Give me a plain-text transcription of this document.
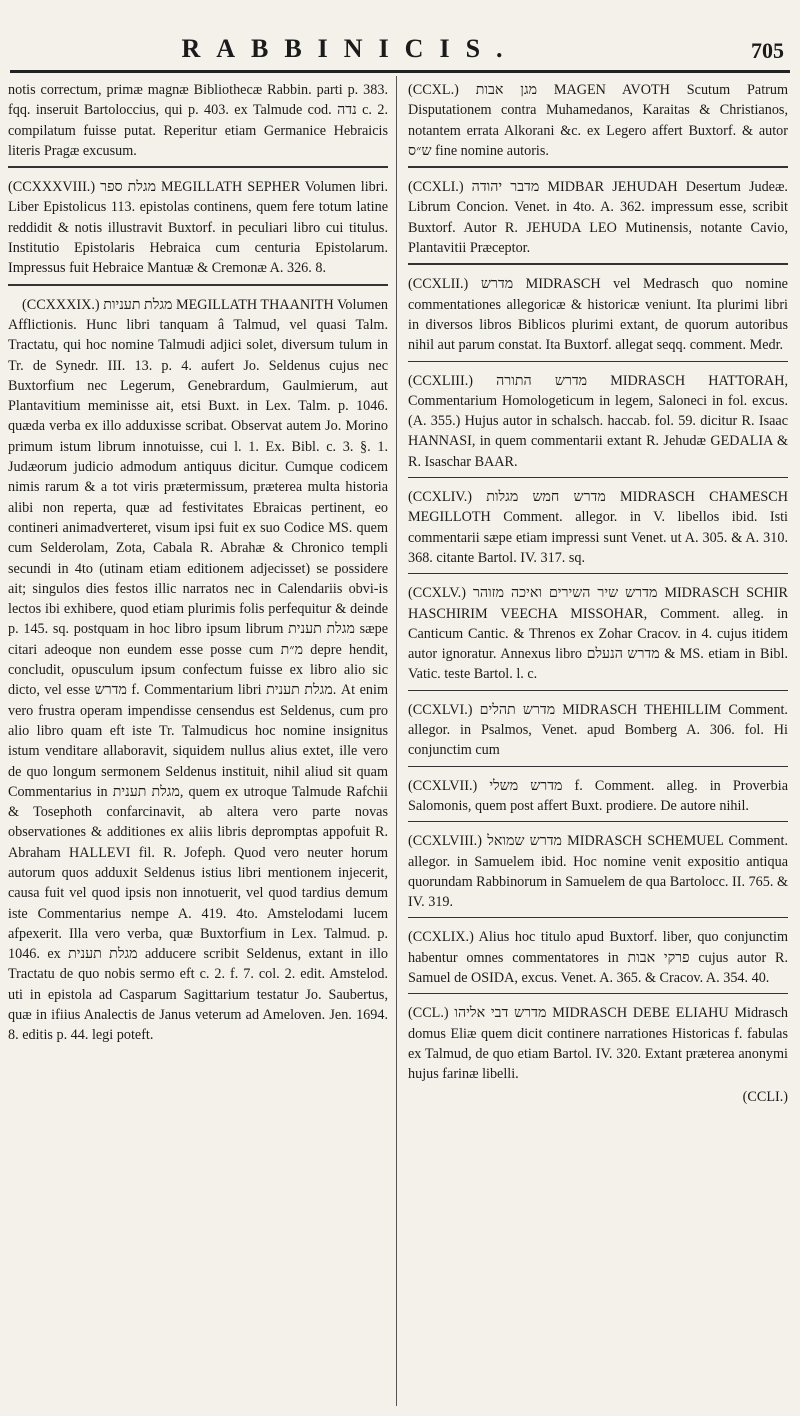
RABBINICIS.	705

notis correctum, primæ magnæ Bibliothecæ Rabbin. parti p. 383. fqq. inseruit Bartoloccius, qui p. 403. ex Talmude cod. נדה c. 2. compilatum fuisse putat. Reperitur etiam Germanice Hebraicis literis Pragæ excusum.

(CCXXXVIII.) מגלת ספר MEGILLATH SEPHER Volumen libri. Liber Epistolicus 113. epistolas continens, quem fere totum latine reddidit & notis illustravit Buxtorf. in peculiari libro cui titulus. Institutio Epistolaris Hebraica cum centuria Epistolarum. Impressus fuit Hebraice Mantuæ & Cremonæ A. 326. 8.

(CCXXXIX.) מגלת תעניות MEGILLATH THAANITH Volumen Afflictionis. Hunc libri tanquam â Talmud, vel quasi Talm. Tractatu, qui hoc nomine Talmudi adjici solet, diversum tulum in Tr. de Synedr. III. 13. p. 4. aufert Jo. Seldenus cujus nec Buxtorfium nec Legerum, Genebrardum, Gaulmierum, aut Plantavitium meminisse ait, etsi Buxt. in Lex. Talm. p. 1046. quæda verba ex illo adduxisse scribat. Observat autem Jo. Morino primum istum librum innotuisse, cui l. 1. Ex. Bibl. c. 3. §. 1. Judæorum judicio admodum antiquus dicitur. Cumque codicem nimis rarum & a tot viris prætermissum, præterea multa historia alibi non reperta, quæ ad festivitates Ebraicas pertinent, eo contineri animadverteret, visum ipsi fuit ex suo Codice MS. quem cum Selderolam, Zota, Cabala R. Abrahæ & Chronico templi secundi in 4to (utinam etiam editionem adjecisset) se possidere ait; singulos dies festos illic narratos nec in Calendariis obvi-is lectos ibi exhibere, quod etiam plurimis folis perfequitur & deinde p. 145. sq. postquam in hoc libro ipsum librum מגלת תענית sæpe citari adeoque non eundem esse posse cum מ״ת depre hendit, concludit, opusculum ipsum confectum fuisse ex libro alio sic dicto, vel esse מדרש f. Commentarium libri מגלת תענית. At enim vero frustra operam impendisse censendus est Seldenus, cum pro alio libro quam eft iste Tr. Talmudicus hoc nomine insignitus istum venditare allaboravit, siquidem nullus alius extet, ille vero de quo longum sermonem Seldenus instituit, nihil aliud sit quam Commentarius in מגלת תענית, quem ex utroque Talmude Rafchii & Tosephoth confarcinavit, ab altera vero parte novas observationes & additiones ex aliis libris depromptas appofuit R. Abraham HALLEVI fil. R. Jofeph. Quod vero neuter horum autorum quos adduxit Seldenus istius libri mentionem injecerit, causa fuit vel quod ipsis non innotuerit, vel quod tardius demum iste Commentarius nempe A. 419. 4to. Amstelodami lucem afpexerit. Illa vero verba, quæ Buxtorfium in Lex. Talmud. p. 1046. ex מגלת תענית adducere scribit Seldenus, extant in illo Tractatu de quo nobis sermo eft c. 2. f. 7. col. 2. edit. Amstelod. uti in epistola ad Casparum Sagittarium testatur Jo. Saubertus, quæ in ifiius Analectis de Janus veterum ad Ameloven. Jen. 1694. 8. editis p. 44. legi poteft.

(CCXL.) מגן אבות MAGEN AVOTH Scutum Patrum Disputationem contra Muhamedanos, Karaitas & Christianos, notantem errata Alkorani &c. ex Legero affert Buxtorf. & autor ש״ס fine nomine autoris.

(CCXLI.) מדבר יהודה MIDBAR JEHUDAH Desertum Judeæ. Librum Concion. Venet. in 4to. A. 362. impressum esse, scribit Buxtorf. Autor R. JEHUDA LEO Mutinensis, notante Cavio, Plantavitii Præceptor.

(CCXLII.) מדרש MIDRASCH vel Medrasch quo nomine commentationes allegoricæ & historicæ veniunt. Ita plurimi libri in diversos libros Biblicos plurimi extant, de quorum autoribus nihil aut parum constat. Ita Buxtorf. allegat seqq. comment. Medr.

(CCXLIII.) מדרש התורה MIDRASCH HATTORAH, Commentarium Homologeticum in legem, Saloneci in fol. excus. (A. 355.) Hujus autor in schalsch. haccab. fol. 59. dicitur R. Isaac HANNASI, in quem commentarii extant R. Jehudæ GEDALIA & R. Isaschar BAAR.

(CCXLIV.) מדרש חמש מגלות MIDRASCH CHAMESCH MEGILLOTH Comment. allegor. in V. libellos ibid. Isti commentarii sæpe etiam impressi sunt Venet. ut A. 305. & A. 310. 368. citante Bartol. IV. 317. sq.

(CCXLV.) מדרש שיר השירים ואיכה מזוהר MIDRASCH SCHIR HASCHIRIM VEECHA MISSOHAR, Comment. alleg. in Canticum Cantic. & Threnos ex Zohar Cracov. in 4. cujus itidem autor ignoratur. Annexus libro מדרש הנעלם & MS. etiam in Bibl. Vatic. teste Bartol. l. c.

(CCXLVI.) מדרש תהלים MIDRASCH THEHILLIM Comment. allegor. in Psalmos, Venet. apud Bomberg A. 306. fol. Hi conjunctim cum

(CCXLVII.) מדרש משלי f. Comment. alleg. in Proverbia Salomonis, quem post affert Buxt. prodiere. De autore nihil.

(CCXLVIII.) מדרש שמואל MIDRASCH SCHEMUEL Comment. allegor. in Samuelem ibid. Hoc nomine venit expositio antiqua quorundam Rabbinorum in Samuelem de qua Bartolocc. II. 765. & IV. 319.

(CCXLIX.) Alius hoc titulo apud Buxtorf. liber, quo conjunctim habentur omnes commentatores in פרקי אבות cujus autor R. Samuel de OSIDA, excus. Venet. A. 365. & Cracov. A. 354. 40.

(CCL.) מדרש דבי אליהו MIDRASCH DEBE ELIAHU Midrasch domus Eliæ quem dicit continere narrationes Historicas f. fabulas ex Talmud, de quo etiam Bartol. IV. 320. Extant præterea anonymi hujus farinæ libelli.

(CCLI.)
